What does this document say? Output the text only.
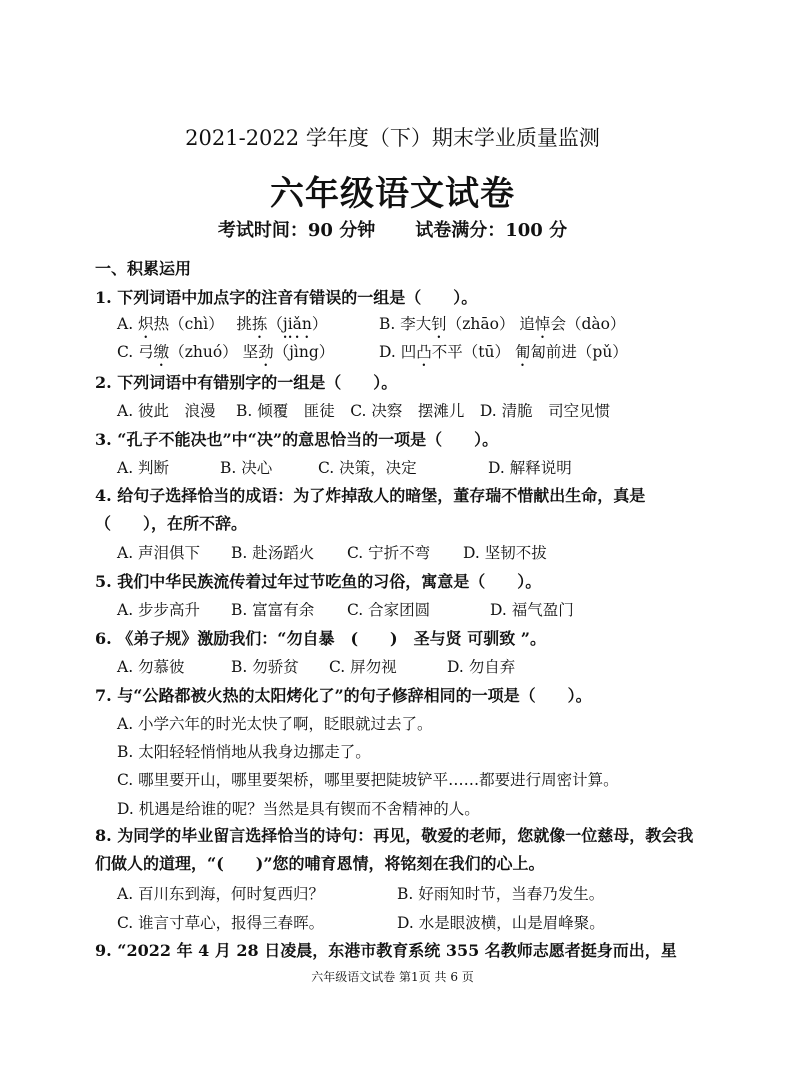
2021-2022 学年度（下）期末学业质量监测
六年级语文试卷
考试时间：90 分钟 试卷满分：100 分
一、积累运用
1. 下列词语中加点字的注音有错误的一组是（　　）。
A. 炽热（chì）　 挑拣（jiǎn）	B. 李大钊（zhāo） 追悼会（dào）
C. 弓缴（zhuó） 坚劲（jìng）	D. 凹凸不平（tū） 匍匐前进（pǔ）
2. 下列词语中有错别字的一组是（　　）。
A. 彼此　浪漫　 B. 倾覆　匪徒　C. 决察　摆滩儿　D. 清脆　司空见惯
3. “孔子不能决也”中“决”的意思恰当的一项是（　　）。
A. 判断	B. 决心	C. 决策，决定	D. 解释说明
4. 给句子选择恰当的成语：为了炸掉敌人的暗堡，董存瑞不惜献出生命，真是（　　），在所不辞。
A. 声泪俱下 B. 赴汤蹈火 C. 宁折不弯 D. 坚韧不拔
5. 我们中华民族流传着过年过节吃鱼的习俗，寓意是（　　）。
A. 步步高升 B. 富富有余 C. 合家团圆	D. 福气盈门
6. 《弟子规》激励我们：“勿自暴　(　　)　圣与贤 可驯致 ”。
A. 勿慕彼	B. 勿骄贫 C. 屏勿视	D. 勿自弃
7. 与“公路都被火热的太阳烤化了”的句子修辞相同的一项是（　　）。
A. 小学六年的时光太快了啊，眨眼就过去了。
B. 太阳轻轻悄悄地从我身边挪走了。
C. 哪里要开山，哪里要架桥，哪里要把陡坡铲平……都要进行周密计算。
D. 机遇是给谁的呢？当然是具有锲而不舍精神的人。
8. 为同学的毕业留言选择恰当的诗句：再见，敬爱的老师，您就像一位慈母，教会我们做人的道理，“(　　)”您的哺育恩情，将铭刻在我们的心上。
A. 百川东到海，何时复西归？	B. 好雨知时节，当春乃发生。
C. 谁言寸草心，报得三春晖。	D. 水是眼波横，山是眉峰聚。
9. “2022 年 4 月 28 日凌晨，东港市教育系统 355 名教师志愿者挺身而出，星
六年级语文试卷 第1页 共 6 页
